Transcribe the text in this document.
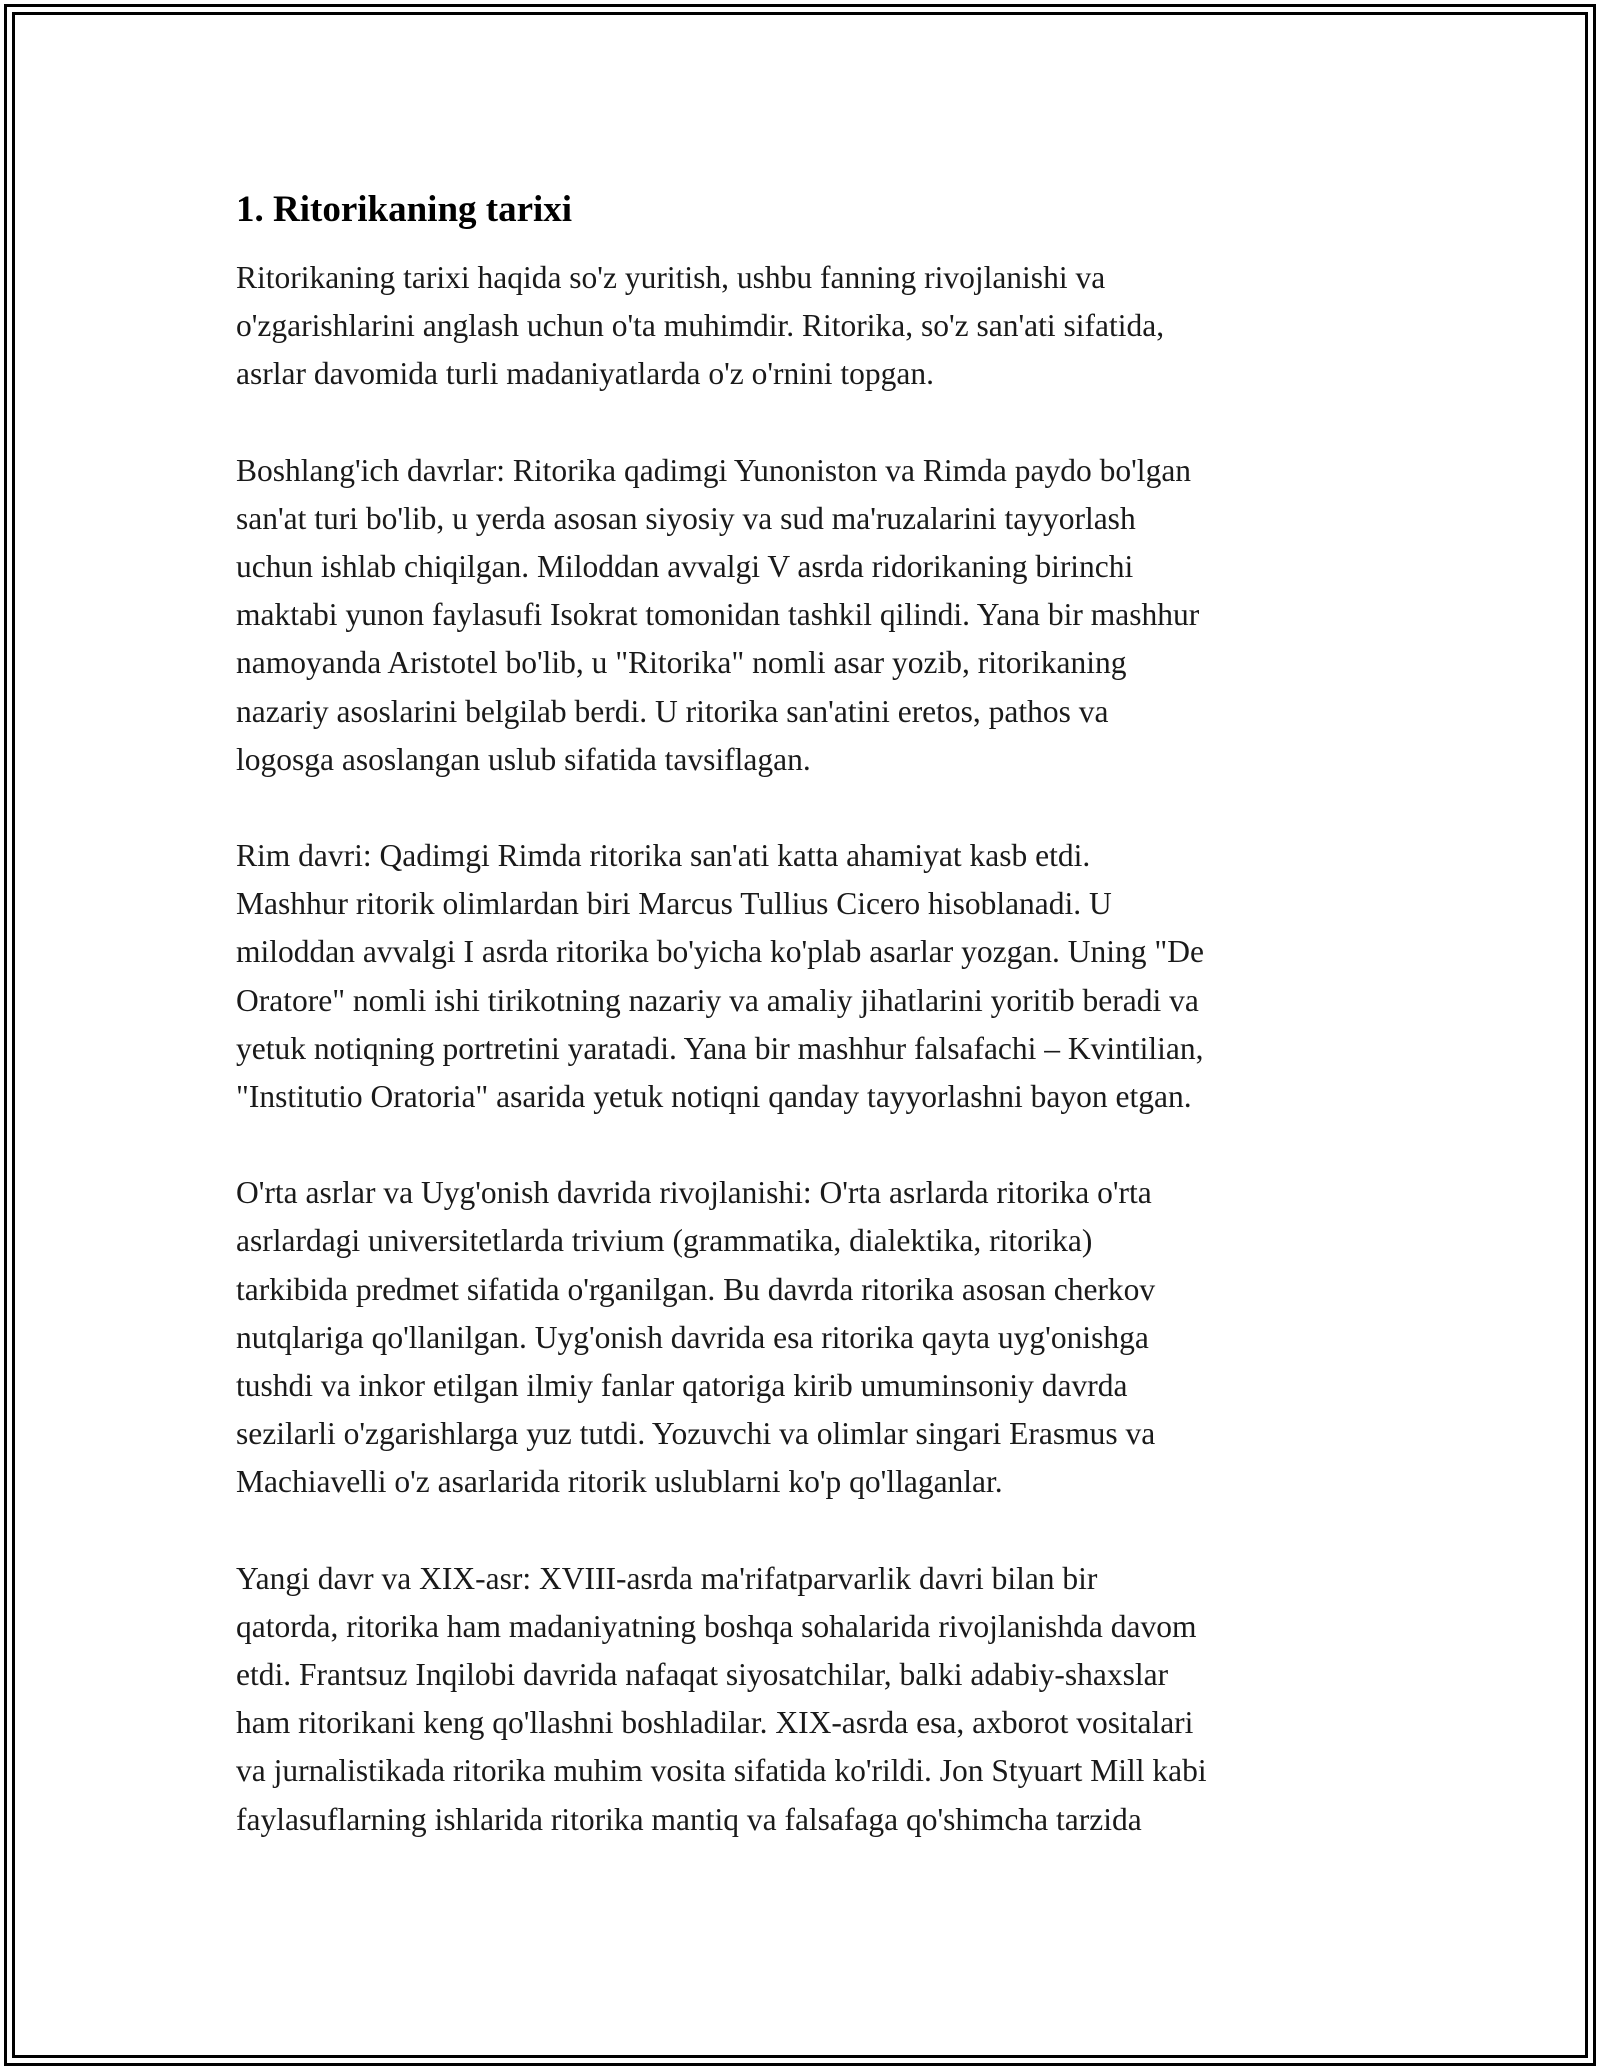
1. Ritorikaning tarixi
Ritorikaning tarixi haqida so'z yuritish, ushbu fanning rivojlanishi va
o'zgarishlarini anglash uchun o'ta muhimdir. Ritorika, so'z san'ati sifatida,
asrlar davomida turli madaniyatlarda o'z o'rnini topgan.
Boshlang'ich davrlar: Ritorika qadimgi Yunoniston va Rimda paydo bo'lgan
san'at turi bo'lib, u yerda asosan siyosiy va sud ma'ruzalarini tayyorlash
uchun ishlab chiqilgan. Miloddan avvalgi V asrda ridorikaning birinchi
maktabi yunon faylasufi Isokrat tomonidan tashkil qilindi. Yana bir mashhur
namoyanda Aristotel bo'lib, u "Ritorika" nomli asar yozib, ritorikaning
nazariy asoslarini belgilab berdi. U ritorika san'atini eretos, pathos va
logosga asoslangan uslub sifatida tavsiflagan.
Rim davri: Qadimgi Rimda ritorika san'ati katta ahamiyat kasb etdi.
Mashhur ritorik olimlardan biri Marcus Tullius Cicero hisoblanadi. U
miloddan avvalgi I asrda ritorika bo'yicha ko'plab asarlar yozgan. Uning "De
Oratore" nomli ishi tirikotning nazariy va amaliy jihatlarini yoritib beradi va
yetuk notiqning portretini yaratadi. Yana bir mashhur falsafachi – Kvintilian,
"Institutio Oratoria" asarida yetuk notiqni qanday tayyorlashni bayon etgan.
O'rta asrlar va Uyg'onish davrida rivojlanishi: O'rta asrlarda ritorika o'rta
asrlardagi universitetlarda trivium (grammatika, dialektika, ritorika)
tarkibida predmet sifatida o'rganilgan. Bu davrda ritorika asosan cherkov
nutqlariga qo'llanilgan. Uyg'onish davrida esa ritorika qayta uyg'onishga
tushdi va inkor etilgan ilmiy fanlar qatoriga kirib umuminsoniy davrda
sezilarli o'zgarishlarga yuz tutdi. Yozuvchi va olimlar singari Erasmus va
Machiavelli o'z asarlarida ritorik uslublarni ko'p qo'llaganlar.
Yangi davr va XIX-asr: XVIII-asrda ma'rifatparvarlik davri bilan bir
qatorda, ritorika ham madaniyatning boshqa sohalarida rivojlanishda davom
etdi. Frantsuz Inqilobi davrida nafaqat siyosatchilar, balki adabiy-shaxslar
ham ritorikani keng qo'llashni boshladilar. XIX-asrda esa, axborot vositalari
va jurnalistikada ritorika muhim vosita sifatida ko'rildi. Jon Styuart Mill kabi
faylasuflarning ishlarida ritorika mantiq va falsafaga qo'shimcha tarzida
